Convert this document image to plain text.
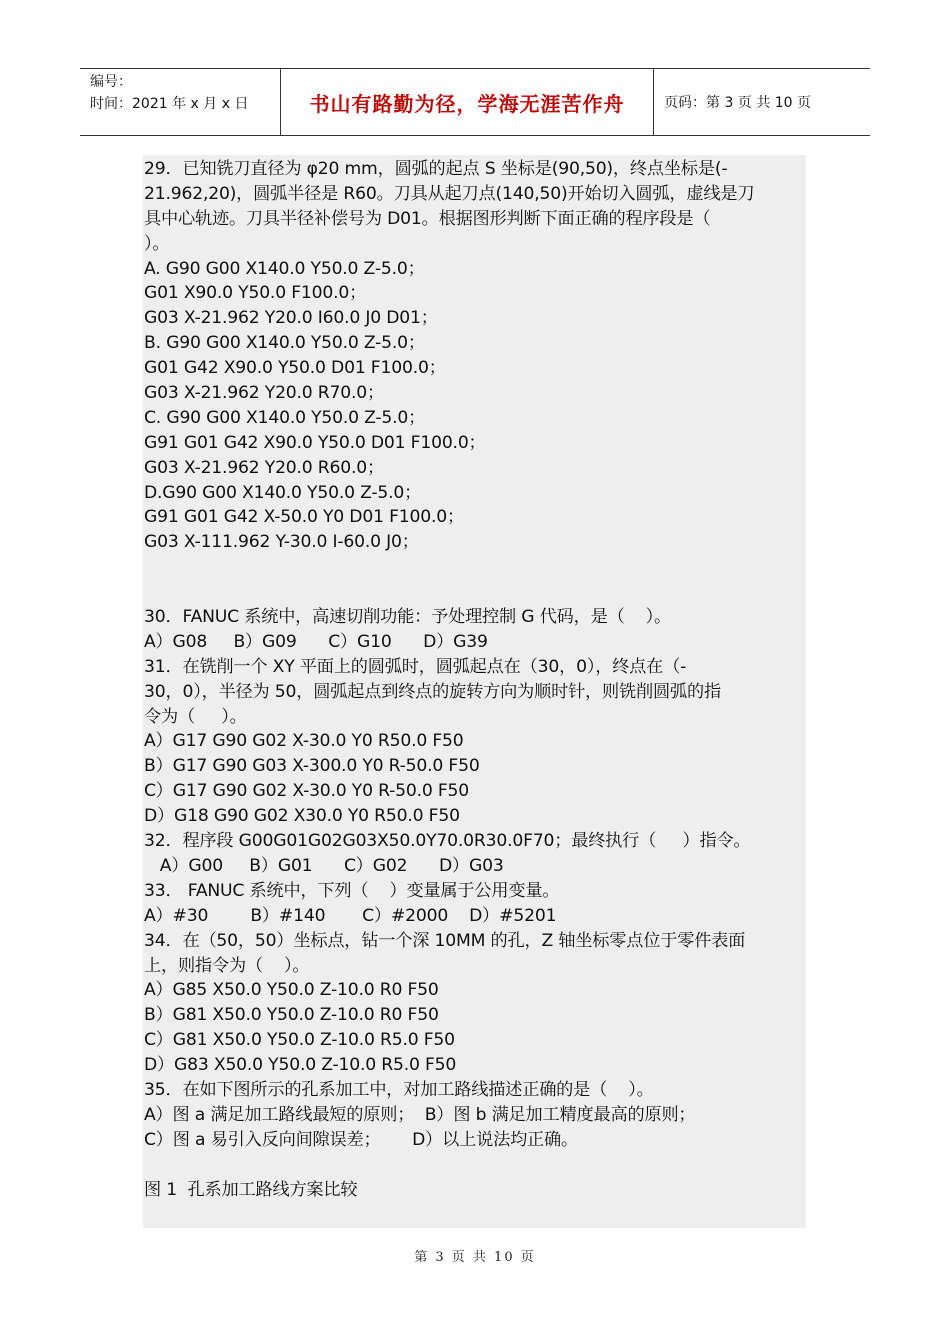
编号：
时间：2021 年 x 月 x 日	书山有路勤为径，学海无涯苦作舟	页码：第 3 页 共 10 页
29．已知铣刀直径为 φ20 mm，圆弧的起点 S 坐标是(90,50)，终点坐标是(-
21.962,20)，圆弧半径是 R60。刀具从起刀点(140,50)开始切入圆弧，虚线是刀
具中心轨迹。刀具半径补偿号为 D01。根据图形判断下面正确的程序段是（
）。
A. G90 G00 X140.0 Y50.0 Z-5.0；
G01 X90.0 Y50.0 F100.0；
G03 X-21.962 Y20.0 I60.0 J0 D01；
B. G90 G00 X140.0 Y50.0 Z-5.0；
G01 G42 X90.0 Y50.0 D01 F100.0；
G03 X-21.962 Y20.0 R70.0；
C. G90 G00 X140.0 Y50.0 Z-5.0；
G91 G01 G42 X90.0 Y50.0 D01 F100.0；
G03 X-21.962 Y20.0 R60.0；
D.G90 G00 X140.0 Y50.0 Z-5.0；
G91 G01 G42 X-50.0 Y0 D01 F100.0；
G03 X-111.962 Y-30.0 I-60.0 J0；
30．FANUC 系统中，高速切削功能：予处理控制 G 代码，是（    ）。
A）G08     B）G09      C）G10      D）G39
31．在铣削一个 XY 平面上的圆弧时，圆弧起点在（30，0），终点在（-
30，0），半径为 50，圆弧起点到终点的旋转方向为顺时针，则铣削圆弧的指
令为（     ）。
A）G17 G90 G02 X-30.0 Y0 R50.0 F50
B）G17 G90 G03 X-300.0 Y0 R-50.0 F50
C）G17 G90 G02 X-30.0 Y0 R-50.0 F50
D）G18 G90 G02 X30.0 Y0 R50.0 F50
32．程序段 G00G01G02G03X50.0Y70.0R30.0F70；最终执行（     ）指令。
A）G00     B）G01      C）G02      D）G03
33． FANUC 系统中，下列（    ）变量属于公用变量。
A）#30        B）#140       C）#2000    D）#5201
34．在（50，50）坐标点，钻一个深 10MM 的孔，Z 轴坐标零点位于零件表面
上，则指令为（    ）。
A）G85 X50.0 Y50.0 Z-10.0 R0 F50
B）G81 X50.0 Y50.0 Z-10.0 R0 F50
C）G81 X50.0 Y50.0 Z-10.0 R5.0 F50
D）G83 X50.0 Y50.0 Z-10.0 R5.0 F50
35．在如下图所示的孔系加工中，对加工路线描述正确的是（    ）。
A）图 a 满足加工路线最短的原则；  B）图 b 满足加工精度最高的原则；
C）图 a 易引入反向间隙误差；      D）以上说法均正确。
图 1  孔系加工路线方案比较
第 3 页 共 10 页
